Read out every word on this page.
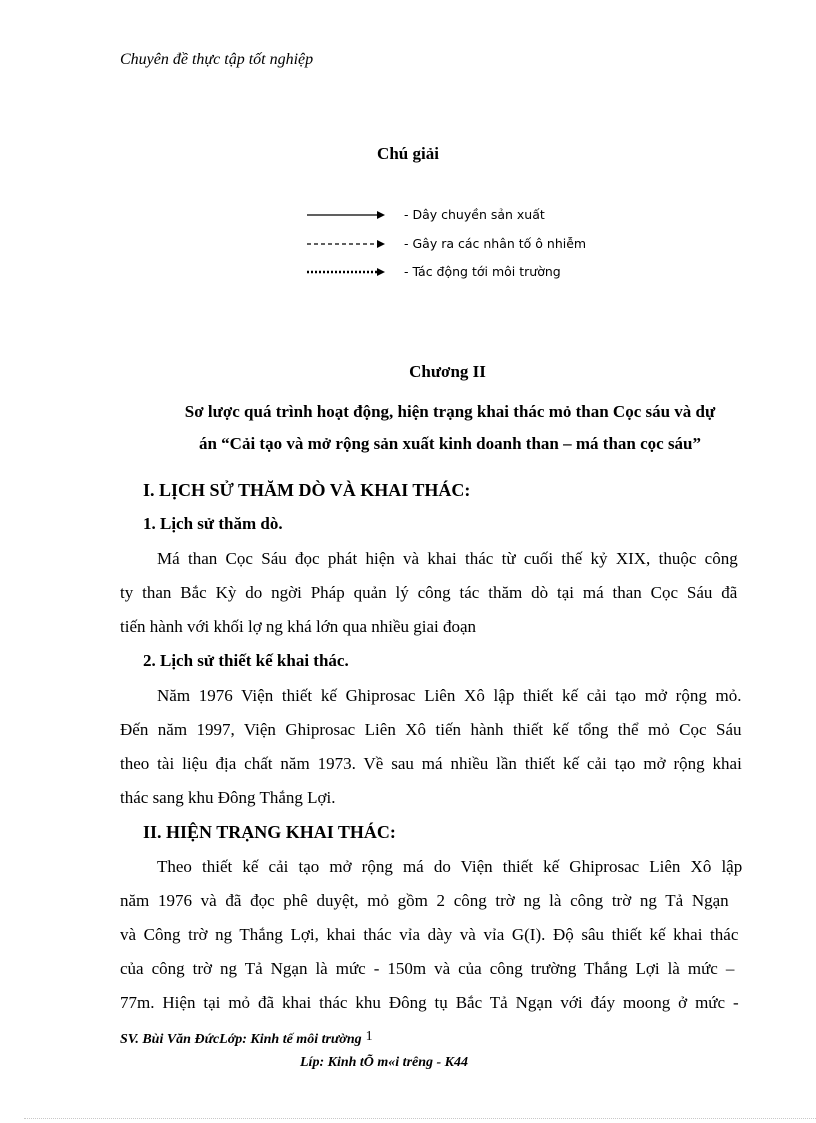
Chuyên đề thực tập tốt nghiệp
Chú giải
- Dây chuyền sản xuất
- Gây ra các nhân tố ô nhiễm
- Tác động tới môi trường
Chương II
Sơ lược quá trình hoạt động, hiện trạng khai thác mỏ than Cọc sáu và dự
án “Cải tạo và mở rộng sản xuất kinh doanh than – má than cọc sáu”
I. LỊCH SỬ THĂM DÒ VÀ KHAI THÁC:
1. Lịch sử thăm dò.
Má than Cọc Sáu đọc phát hiện và khai thác từ cuối thế kỷ XIX, thuộc công
ty than Bắc Kỳ do ngời Pháp quản lý công tác thăm dò tại má than Cọc Sáu đã
tiến hành với khối lợ ng khá lớn qua nhiều giai đoạn
2. Lịch sử thiết kế khai thác.
Năm 1976 Viện thiết kế Ghiprosac Liên Xô lập thiết kế cải tạo mở rộng mỏ.
Đến năm 1997, Viện Ghiprosac Liên Xô tiến hành thiết kế tổng thể mỏ Cọc Sáu
theo tài liệu địa chất năm 1973. Về sau má nhiều lần thiết kế cải tạo mở rộng khai
thác sang khu Đông Thắng Lợi.
II. HIỆN TRẠNG KHAI THÁC:
Theo thiết kế cải tạo mở rộng má do Viện thiết kế Ghiprosac Liên Xô lập
năm 1976 và đã đọc phê duyệt, mỏ gồm 2 công trờ ng là công trờ ng Tả Ngạn
và Công trờ ng Thắng Lợi, khai thác vỉa dày và vỉa G(I). Độ sâu thiết kế khai thác
của công trờ ng Tả Ngạn là mức - 150m và của công trường Thắng Lợi là mức –
77m. Hiện tại mỏ đã khai thác khu Đông tụ Bắc Tả Ngạn với đáy moong ở mức -
SV. Bùi Văn ĐứcLớp: Kinh tế môi trường 1
Líp: Kinh tÕ m«i trêng - K44
